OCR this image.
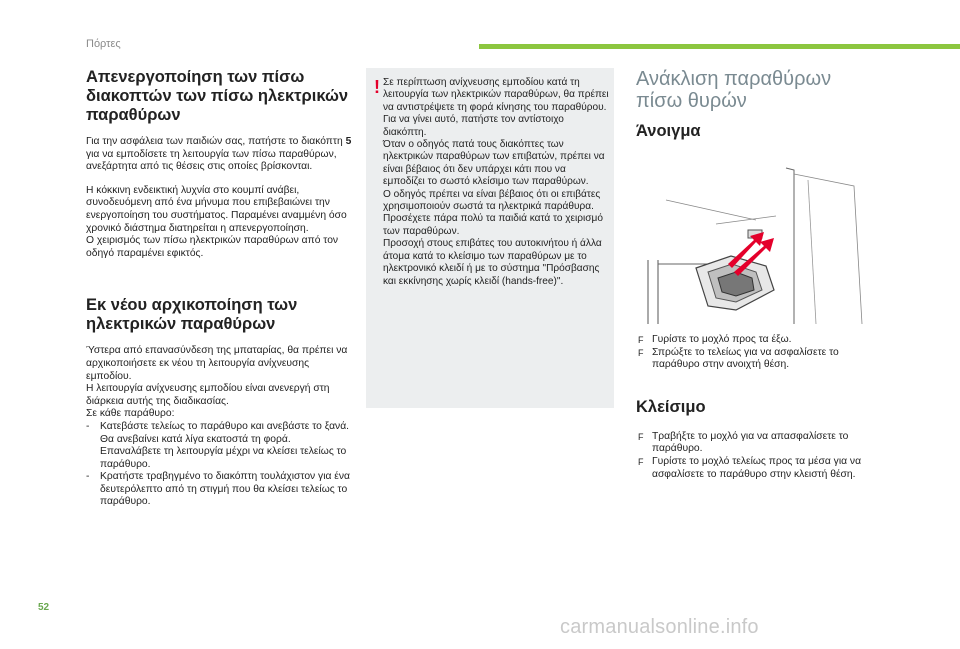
Πόρτες
Απενεργοποίηση των πίσω διακοπτών των πίσω ηλεκτρικών παραθύρων

Για την ασφάλεια των παιδιών σας, πατήστε το διακόπτη 5 για να εμποδίσετε τη λειτουργία των πίσω παραθύρων, ανεξάρτητα από τις θέσεις στις οποίες βρίσκονται.

Η κόκκινη ενδεικτική λυχνία στο κουμπί ανάβει, συνοδευόμενη από ένα μήνυμα που επιβεβαιώνει την ενεργοποίηση του συστήματος. Παραμένει αναμμένη όσο χρονικό διάστημα διατηρείται η απενεργοποίηση.

Ο χειρισμός των πίσω ηλεκτρικών παραθύρων από τον οδηγό παραμένει εφικτός.

Εκ νέου αρχικοποίηση των ηλεκτρικών παραθύρων

Ύστερα από επανασύνδεση της μπαταρίας, θα πρέπει να αρχικοποιήσετε εκ νέου τη λειτουργία ανίχνευσης εμποδίου.

Η λειτουργία ανίχνευσης εμποδίου είναι ανενεργή στη διάρκεια αυτής της διαδικασίας.

Σε κάθε παράθυρο:

- Κατεβάστε τελείως το παράθυρο και ανεβάστε το ξανά. Θα ανεβαίνει κατά λίγα εκατοστά τη φορά. Επαναλάβετε τη λειτουργία μέχρι να κλείσει τελείως το παράθυρο.
- Κρατήστε τραβηγμένο το διακόπτη τουλάχιστον για ένα δευτερόλεπτο από τη στιγμή που θα κλείσει τελείως το παράθυρο.
! Σε περίπτωση ανίχνευσης εμποδίου κατά τη λειτουργία των ηλεκτρικών παραθύρων, θα πρέπει να αντιστρέψετε τη φορά κίνησης του παραθύρου. Για να γίνει αυτό, πατήστε τον αντίστοιχο διακόπτη.

Όταν ο οδηγός πατά τους διακόπτες των ηλεκτρικών παραθύρων των επιβατών, πρέπει να είναι βέβαιος ότι δεν υπάρχει κάτι που να εμποδίζει το σωστό κλείσιμο των παραθύρων.

Ο οδηγός πρέπει να είναι βέβαιος ότι οι επιβάτες χρησιμοποιούν σωστά τα ηλεκτρικά παράθυρα.

Προσέχετε πάρα πολύ τα παιδιά κατά το χειρισμό των παραθύρων.

Προσοχή στους επιβάτες του αυτοκινήτου ή άλλα άτομα κατά το κλείσιμο των παραθύρων με το ηλεκτρονικό κλειδί ή με το σύστημα "Πρόσβασης και εκκίνησης χωρίς κλειδί (hands-free)".

Ανάκλιση παραθύρων πίσω θυρών
Άνοιγμα
F Γυρίστε το μοχλό προς τα έξω.
F Σπρώξτε το τελείως για να ασφαλίσετε το παράθυρο στην ανοιχτή θέση.
Κλείσιμο
F Τραβήξτε το μοχλό για να απασφαλίσετε το παράθυρο.
F Γυρίστε το μοχλό τελείως προς τα μέσα για να ασφαλίσετε το παράθυρο στην κλειστή θέση.
52
carmanualsonline.info
